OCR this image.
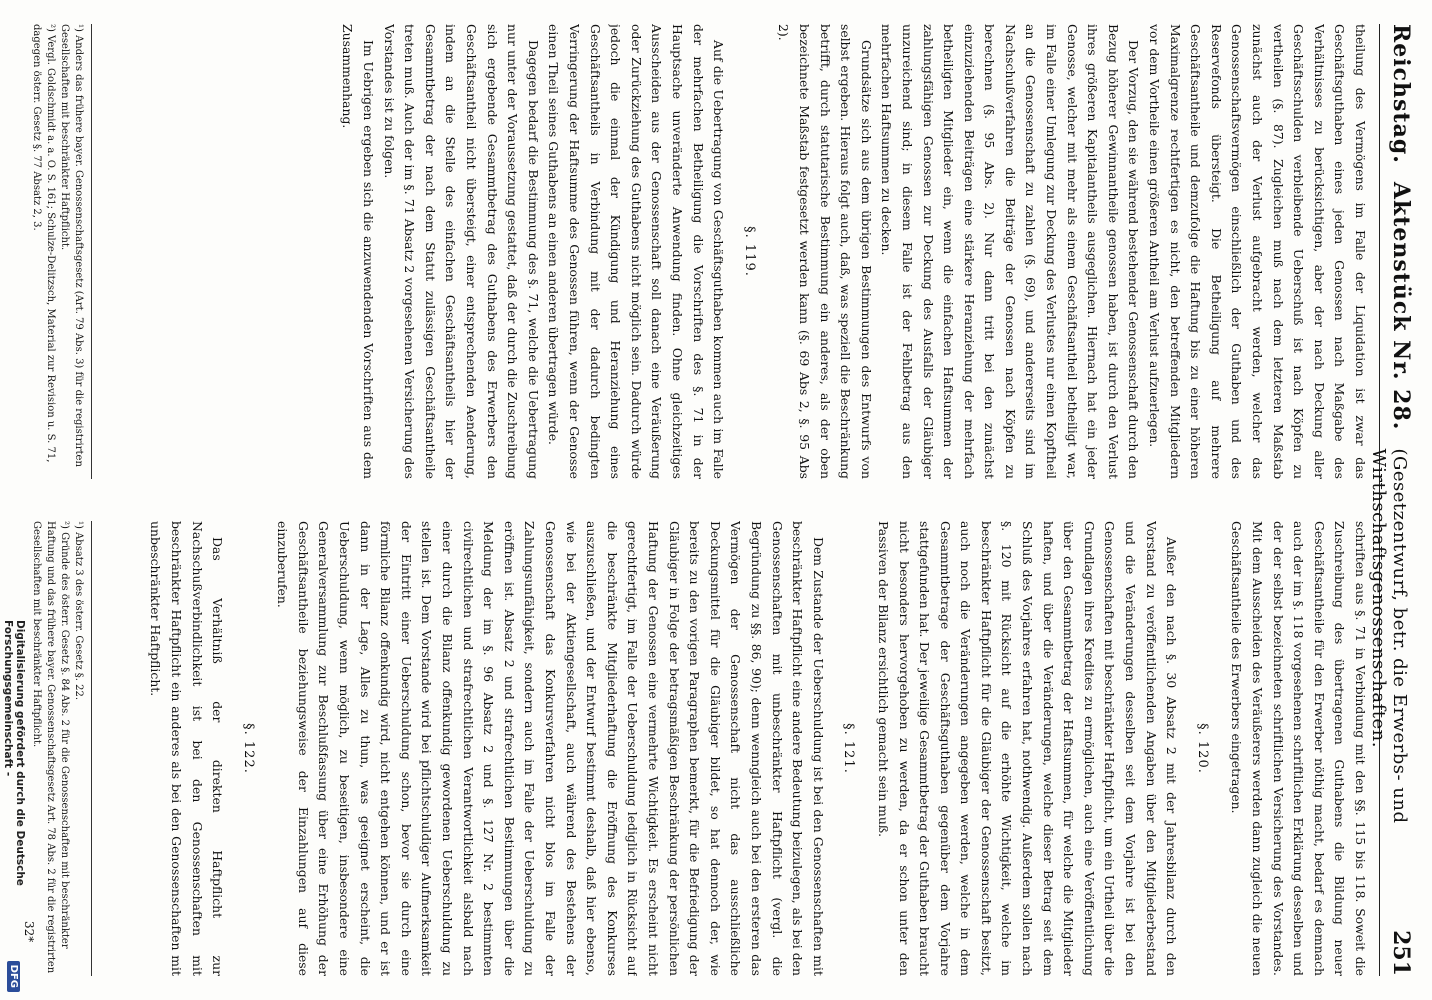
Reichstag.
Aktenstück Nr. 28.
(Gesetzentwurf, betr. die Erwerbs- und Wirthschaftsgenossenschaften.
251

theilung des Vermögens im Falle der Liquidation ist zwar das Geschäftsguthaben eines jeden Genossen nach Maßgabe des Verhältnisses zu berücksichtigen, aber der nach Deckung aller Geschäftsschulden verbleibende Ueberschuß ist nach Köpfen zu vertheilen (§. 87). Zugleichen muß nach dem letzteren Maßstab zunächst auch der Verlust aufgebracht werden, welcher das Genossenschaftsvermögen einschließlich der Guthaben und des Reservefonds übersteigt. Die Betheiligung auf mehrere Geschäftsantheile und demzufolge die Haftung bis zu einer höheren Maximalgrenze rechtfertigen es nicht, den betreffenden Mitgliedern vor dem Vortheile einen größeren Antheil am Verlust aufzuerlegen.

Der Vorzug, den sie während bestehender Genossenschaft durch den Bezug höherer Gewinnantheile genossen haben, ist durch den Verlust ihres größeren Kapitalantheils ausgeglichen. Hiernach hat ein jeder Genosse, welcher mit mehr als einem Geschäftsantheil betheiligt war, im Falle einer Umlegung zur Deckung des Verlustes nur einen Kopftheil an die Genossenschaft zu zahlen (§. 69), und andererseits sind im Nachschußverfahren die Beiträge der Genossen nach Köpfen zu berechnen (§. 95 Abs. 2). Nur dann tritt bei den zunächst einzuziehenden Beiträgen eine stärkere Heranziehung der mehrfach betheiligten Mitglieder ein, wenn die einfachen Haftsummen der zahlungsfähigen Genossen zur Deckung des Ausfalls der Gläubiger unzureichend sind; in diesem Falle ist der Fehlbetrag aus den mehrfachen Haftsummen zu decken.

Grundsätze sich aus dem übrigen Bestimmungen des Entwurfs von selbst ergeben. Hieraus folgt auch, daß, was speziell die Beschränkung betrifft, durch statutarische Bestimmung ein anderes, als der oben bezeichnete Maßstab festgesetzt werden kann (§. 69 Abs 2, §. 95 Abs 2).

§. 119.

Auf die Uebertragung von Geschäftsguthaben kommen auch im Falle der mehrfachen Betheiligung die Vorschriften des §. 71 in der Hauptsache unveränderte Anwendung finden. Ohne gleichzeitiges Ausscheiden aus der Genossenschaft soll danach eine Veräußerung oder Zurückziehung des Guthabens nicht möglich sein. Dadurch würde jedoch die einmal der Kündigung und Heranziehung eines Geschäftsantheils in Verbindung mit der dadurch bedingten Verringerung der Haftsumme des Genossen führen, wenn der Genosse einen Theil seines Guthabens an einen anderen übertragen würde.

Dagegen bedarf die Bestimmung des §. 71, welche die Uebertragung nur unter der Voraussetzung gestattet, daß der durch die Zuschreibung sich ergebende Gesammtbetrag des Guthabens des Erwerbers den Geschäftsantheil nicht übersteigt, einer entsprechenden Aenderung, indem an die Stelle des einfachen Geschäftsantheils hier der Gesammtbetrag der nach dem Statut zulässigen Geschäftsantheile treten muß. Auch der im §. 71 Absatz 2 vorgesehenen Versicherung des Vorstandes ist zu folgen.

Im Uebrigen ergeben sich die anzuwendenden Vorschriften aus dem Zusammenhang.

schriften aus §. 71 in Verbindung mit den §§. 115 bis 118. Soweit die Zuschreibung des übertragenen Guthabens die Bildung neuer Geschäftsantheile für den Erwerber nöthig macht, bedarf es demnach auch der im §. 118 vorgesehenen schriftlichen Erklärung desselben und der der selbst bezeichneten schriftlichen Versicherung des Vorstandes. Mit dem Ausscheiden des Veräußerers werden dann zugleich die neuen Geschäftsantheile des Erwerbers eingetragen.

§. 120.

Außer den nach §. 30 Absatz 2 mit der Jahresbilanz durch den Vorstand zu veröffentlichenden Angaben über den Mitgliederbestand und die Veränderungen desselben seit dem Vorjahre ist bei den Genossenschaften mit beschränkter Haftpflicht, um ein Urtheil über die Grundlagen ihres Kredites zu ermöglichen, auch eine Veröffentlichung über den Gesammtbetrag der Haftsummen, für welche die Mitglieder haften, und über die Veränderungen, welche dieser Betrag seit dem Schluß des Vorjahres erfahren hat, nothwendig. Außerdem sollen nach §. 120 mit Rücksicht auf die erhöhte Wichtigkeit, welche im beschränkter Haftpflicht für die Gläubiger der Genossenschaft besitzt, auch noch die Veränderungen angegeben werden, welche in dem Gesammtbetrage der Geschäftsguthaben gegenüber dem Vorjahre stattgefunden hat. Der jeweilige Gesammtbetrag der Guthaben braucht nicht besonders hervorgehoben zu werden, da er schon unter den Passiven der Bilanz ersichtlich gemacht sein muß.

§. 121.

Dem Zustande der Ueberschuldung ist bei den Genossenschaften mit beschränkter Haftpflicht eine andere Bedeutung beizulegen, als bei den Genossenschaften mit unbeschränkter Haftpflicht (vergl. die Begründung zu §§. 86, 90); denn wenngleich auch bei den ersteren das Vermögen der Genossenschaft nicht das ausschließliche Deckungsmittel für die Gläubiger bildet, so hat dennoch der, wie bereits zu den vorigen Paragraphen bemerkt, für die Befriedigung der Gläubiger in Folge der betragsmäßigen Beschränkung der persönlichen Haftung der Genossen eine vermehrte Wichtigkeit. Es erscheint nicht gerechtfertigt, im Falle der Ueberschuldung lediglich in Rücksicht auf die beschränkte Mitgliederhaftung die Eröffnung des Konkurses auszuschließen, und der Entwurf bestimmt deshalb, daß hier ebenso, wie bei der Aktiengesellschaft, auch während des Bestehens der Genossenschaft das Konkursverfahren nicht blos im Falle der Zahlungsunfähigkeit, sondern auch im Falle der Ueberschuldung zu eröffnen ist. Absatz 2 und strafrechtlichen Bestimmungen über die Meldung der im §. 96 Absatz 2 und §. 127 Nr. 2 bestimmten civilrechtlichen und strafrechtlichen Verantwortlichkeit alsbald nach einer durch die Bilanz offenkundig gewordenen Ueberschuldung zu stellen ist. Dem Vorstande wird bei pflichtschuldiger Aufmerksamkeit der Eintritt einer Ueberschuldung schon, bevor sie durch eine förmliche Bilanz offenkundig wird, nicht entgehen können, und er ist dann in der Lage, Alles zu thun, was geeignet erscheint, die Ueberschuldung, wenn möglich, zu beseitigen, insbesondere eine Generalversammlung zur Beschlußfassung über eine Erhöhung der Geschäftsantheile beziehungsweise der Einzahlungen auf diese einzuberufen.

§. 122.

Das Verhältniß der direkten Haftpflicht zur Nachschußverbindlichkeit ist bei den Genossenschaften mit beschränkter Haftpflicht ein anderes als bei den Genossenschaften mit unbeschränkter Haftpflicht.

¹) Anders das frühere bayer. Genossenschaftsgesetz (Art. 79 Abs. 3) für die registrirten Gesellschaften mit beschränkter Haftpflicht.

²) Vergl. Goldschmidt a. a. O. S. 161; Schulze-Delitzsch, Material zur Revision u. S. 71, dagegen österr. Gesetz §. 77 Absatz 2, 3.

¹) Absatz 3 des österr. Gesetz §. 22.

²) Gründe des österr. Gesetz §. 84 Abs. 2 für die Genossenschaften mit beschränkter Haftung und das frühere bayer. Genossenschaftsgesetz Art. 78 Abs. 2 für die registrirten Gesellschaften mit beschränkter Haftpflicht.

32*
Digitalisierung gefördert durch die Deutsche Forschungsgemeinschaft -
DFG
